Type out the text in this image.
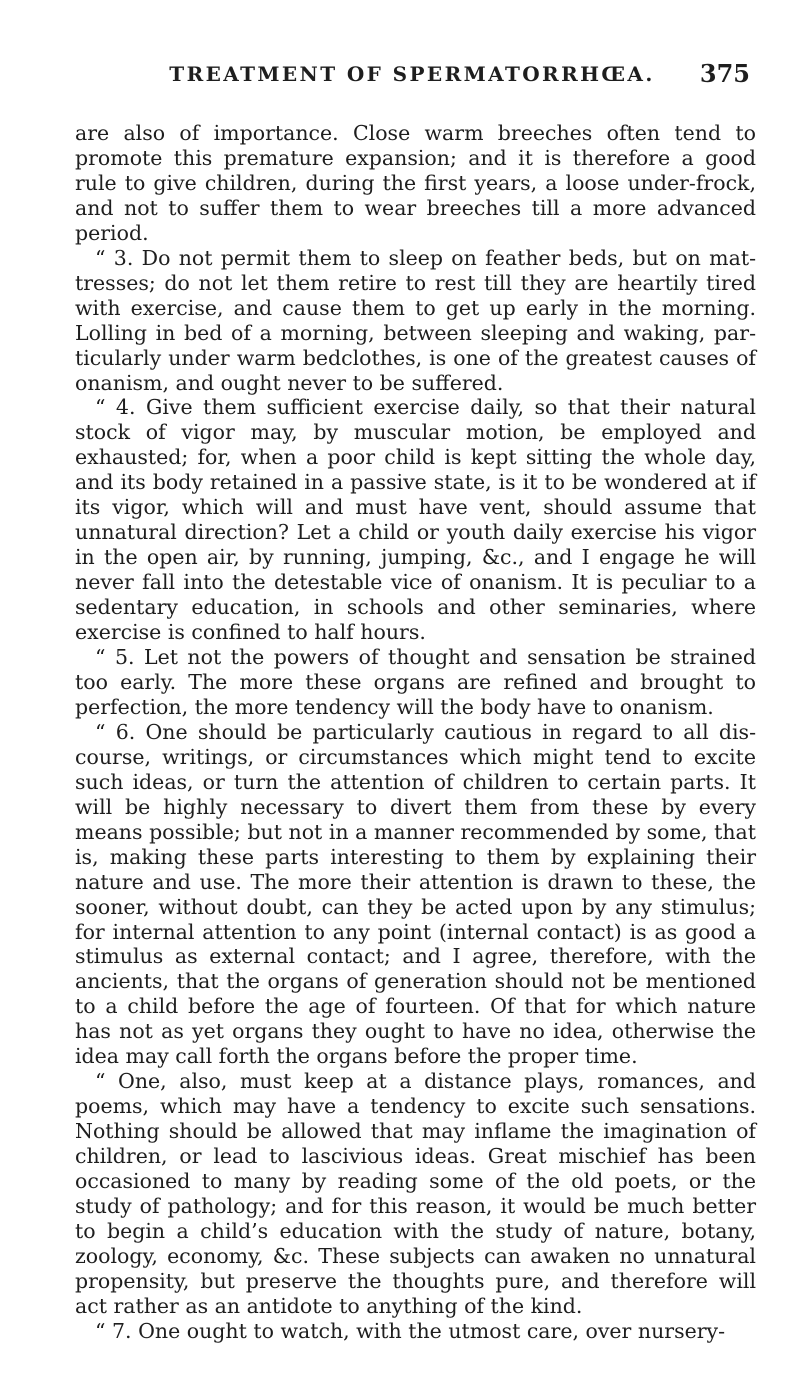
TREATMENT OF SPERMATORRHŒA.	375

are also of importance. Close warm breeches often tend to promote this premature expansion; and it is therefore a good rule to give children, during the first years, a loose under-frock, and not to suffer them to wear breeches till a more advanced period.

“ 3. Do not permit them to sleep on feather beds, but on mattresses; do not let them retire to rest till they are heartily tired with exercise, and cause them to get up early in the morning. Lolling in bed of a morning, between sleeping and waking, particularly under warm bedclothes, is one of the greatest causes of onanism, and ought never to be suffered.

“ 4. Give them sufficient exercise daily, so that their natural stock of vigor may, by muscular motion, be employed and exhausted; for, when a poor child is kept sitting the whole day, and its body retained in a passive state, is it to be wondered at if its vigor, which will and must have vent, should assume that unnatural direction? Let a child or youth daily exercise his vigor in the open air, by running, jumping, &c., and I engage he will never fall into the detestable vice of onanism. It is peculiar to a sedentary education, in schools and other seminaries, where exercise is confined to half hours.

“ 5. Let not the powers of thought and sensation be strained too early. The more these organs are refined and brought to perfection, the more tendency will the body have to onanism.

“ 6. One should be particularly cautious in regard to all discourse, writings, or circumstances which might tend to excite such ideas, or turn the attention of children to certain parts. It will be highly necessary to divert them from these by every means possible; but not in a manner recommended by some, that is, making these parts interesting to them by explaining their nature and use. The more their attention is drawn to these, the sooner, without doubt, can they be acted upon by any stimulus; for internal attention to any point (internal contact) is as good a stimulus as external contact; and I agree, therefore, with the ancients, that the organs of generation should not be mentioned to a child before the age of fourteen. Of that for which nature has not as yet organs they ought to have no idea, otherwise the idea may call forth the organs before the proper time.

“ One, also, must keep at a distance plays, romances, and poems, which may have a tendency to excite such sensations. Nothing should be allowed that may inflame the imagination of children, or lead to lascivious ideas. Great mischief has been occasioned to many by reading some of the old poets, or the study of pathology; and for this reason, it would be much better to begin a child’s education with the study of nature, botany, zoology, economy, &c. These subjects can awaken no unnatural propensity, but preserve the thoughts pure, and therefore will act rather as an antidote to anything of the kind.

“ 7. One ought to watch, with the utmost care, over nursery-
